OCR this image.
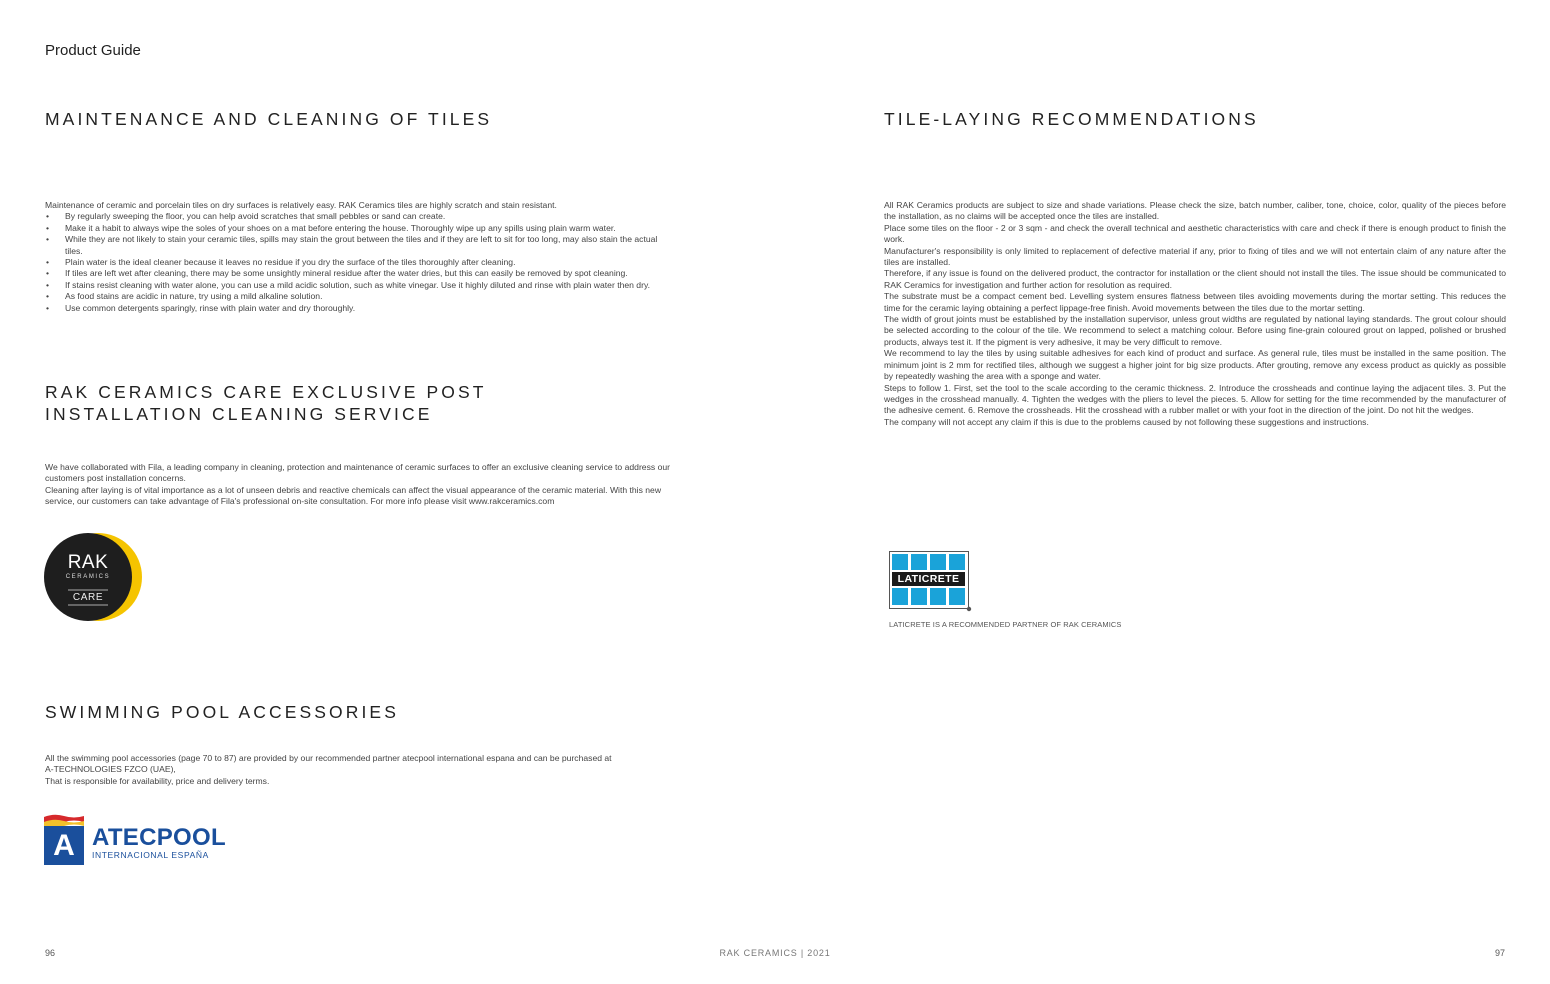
Product Guide
MAINTENANCE AND CLEANING OF TILES

Maintenance of ceramic and porcelain tiles on dry surfaces is relatively easy. RAK Ceramics tiles are highly scratch and stain resistant.

• By regularly sweeping the floor, you can help avoid scratches that small pebbles or sand can create.
• Make it a habit to always wipe the soles of your shoes on a mat before entering the house. Thoroughly wipe up any spills using plain warm water.
• While they are not likely to stain your ceramic tiles, spills may stain the grout between the tiles and if they are left to sit for too long, may also stain the actual tiles.
• Plain water is the ideal cleaner because it leaves no residue if you dry the surface of the tiles thoroughly after cleaning.
• If tiles are left wet after cleaning, there may be some unsightly mineral residue after the water dries, but this can easily be removed by spot cleaning.
• If stains resist cleaning with water alone, you can use a mild acidic solution, such as white vinegar. Use it highly diluted and rinse with plain water then dry.
• As food stains are acidic in nature, try using a mild alkaline solution.
• Use common detergents sparingly, rinse with plain water and dry thoroughly.
RAK CERAMICS CARE EXCLUSIVE POST
INSTALLATION CLEANING SERVICE

We have collaborated with Fila, a leading company in cleaning, protection and maintenance of ceramic surfaces to offer an exclusive cleaning service to address our customers post installation concerns.

Cleaning after laying is of vital importance as a lot of unseen debris and reactive chemicals can affect the visual appearance of the ceramic material. With this new service, our customers can take advantage of Fila's professional on-site consultation. For more info please visit www.rakceramics.com

RAK
CERAMICS
CARE
SWIMMING POOL ACCESSORIES

All the swimming pool accessories (page 70 to 87) are provided by our recommended partner atecpool international espana and can be purchased at

A-TECHNOLOGIES FZCO (UAE),

That is responsible for availability, price and delivery terms.

A ATECPOOL
INTERNACIONAL ESPAÑA
TILE-LAYING RECOMMENDATIONS

All RAK Ceramics products are subject to size and shade variations. Please check the size, batch number, caliber, tone, choice, color, quality of the pieces before the installation, as no claims will be accepted once the tiles are installed.

Place some tiles on the floor - 2 or 3 sqm - and check the overall technical and aesthetic characteristics with care and check if there is enough product to finish the work.

Manufacturer's responsibility is only limited to replacement of defective material if any, prior to fixing of tiles and we will not entertain claim of any nature after the tiles are installed.

Therefore, if any issue is found on the delivered product, the contractor for installation or the client should not install the tiles. The issue should be communicated to RAK Ceramics for investigation and further action for resolution as required.

The substrate must be a compact cement bed. Levelling system ensures flatness between tiles avoiding movements during the mortar setting. This reduces the time for the ceramic laying obtaining a perfect lippage-free finish. Avoid movements between the tiles due to the mortar setting.

The width of grout joints must be established by the installation supervisor, unless grout widths are regulated by national laying standards. The grout colour should be selected according to the colour of the tile. We recommend to select a matching colour. Before using fine-grain coloured grout on lapped, polished or brushed products, always test it. If the pigment is very adhesive, it may be very difficult to remove.

We recommend to lay the tiles by using suitable adhesives for each kind of product and surface. As general rule, tiles must be installed in the same position. The minimum joint is 2 mm for rectified tiles, although we suggest a higher joint for big size products. After grouting, remove any excess product as quickly as possible by repeatedly washing the area with a sponge and water.

Steps to follow 1. First, set the tool to the scale according to the ceramic thickness. 2. Introduce the crossheads and continue laying the adjacent tiles. 3. Put the wedges in the crosshead manually. 4. Tighten the wedges with the pliers to level the pieces. 5. Allow for setting for the time recommended by the manufacturer of the adhesive cement. 6. Remove the crossheads. Hit the crosshead with a rubber mallet or with your foot in the direction of the joint. Do not hit the wedges.

The company will not accept any claim if this is due to the problems caused by not following these suggestions and instructions.

LATICRETE
LATICRETE IS A RECOMMENDED PARTNER OF RAK CERAMICS
96	RAK CERAMICS | 2021	97
